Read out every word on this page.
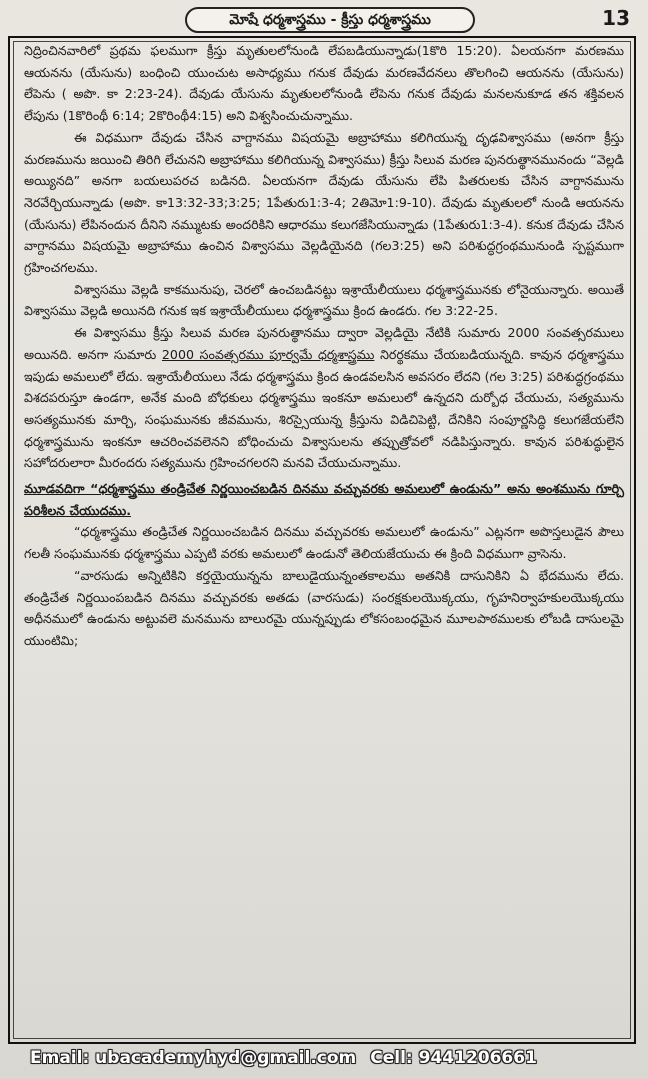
మోషే ధర్మశాస్త్రము - క్రీస్తు ధర్మశాస్త్రము	13

నిద్రించినవారిలో ప్రథమ ఫలముగా క్రీస్తు మృతులలోనుండి లేపబడియున్నాడు(1కొరి 15:20). ఏలయనగా మరణము ఆయనను (యేసును) బంధించి యుంచుట అసాధ్యము గనుక దేవుడు మరణవేదనలు తొలగించి ఆయనను (యేసును) లేపెను ( అపొ. కా 2:23-24). దేవుడు యేసును మృతులలోనుండి లేపెను గనుక దేవుడు మనలనుకూడ తన శక్తివలన లేపును (1కొరింథీ 6:14; 2కొరింథీ4:15) అని విశ్వసించుచున్నాము.

ఈ విధముగా దేవుడు చేసిన వాగ్దానము విషయమై అబ్రాహాము కలిగియున్న దృఢవిశ్వాసము (అనగా క్రీస్తు మరణమును జయించి తిరిగి లేచునని అబ్రాహాము కలిగియున్న విశ్వాసము) క్రీస్తు సిలువ మరణ పునరుత్థానమునందు “వెల్లడి అయ్యినది” అనగా బయలుపరచ బడినది. ఏలయనగా దేవుడు యేసును లేపి పితరులకు చేసిన వాగ్దానమును నెరవేర్చియున్నాడు (అపొ. కా13:32-33;3:25; 1పేతురు1:3-4; 2తిమో1:9-10). దేవుడు మృతులలో నుండి ఆయనను (యేసును) లేపినందున దీనిని నమ్ముటకు అందరికిని ఆధారము కలుగజేసియున్నాడు (1పేతురు1:3-4). కనుక దేవుడు చేసిన వాగ్దానము విషయమై అబ్రాహాము ఉంచిన విశ్వాసము వెల్లడియైనది (గల3:25) అని పరిశుద్ధగ్రంథమునుండి స్పష్టముగా గ్రహించగలము.

విశ్వాసము వెల్లడి కాకమునుపు, చెరలో ఉంచబడినట్టు ఇశ్రాయేలీయులు ధర్మశాస్త్రమునకు లోనైయున్నారు. అయితే విశ్వాసము వెల్లడి అయినది గనుక ఇక ఇశ్రాయేలీయులు ధర్మశాస్త్రము క్రింద ఉండరు. గల 3:22-25.

ఈ విశ్వాసము క్రీస్తు సిలువ మరణ పునరుత్థానము ద్వారా వెల్లడియై నేటికి సుమారు 2000 సంవత్సరములు అయినది. అనగా సుమారు 2000 సంవత్సరము పూర్వమే ధర్మశాస్త్రము నిరర్థకము చేయబడియున్నది. కావున ధర్మశాస్త్రము ఇపుడు అమలులో లేదు. ఇశ్రాయేలీయులు నేడు ధర్మశాస్త్రము క్రింద ఉండవలసిన అవసరం లేదని (గల 3:25) పరిశుద్ధగ్రంథము విశదపరుస్తూ ఉండగా, అనేక మంది బోధకులు ధర్మశాస్త్రము ఇంకనూ అమలులో ఉన్నదని దుర్బోధ చేయుచు, సత్యమును అసత్యమునకు మార్చి, సంఘమునకు జీవమును, శిరస్సైయున్న క్రీస్తును విడిచిపెట్టి, దేనికిని సంపూర్ణసిద్ధి కలుగజేయలేని ధర్మశాస్త్రమును ఇంకనూ ఆచరించవలెనని బోధించుచు విశ్వాసులను తప్పుత్రోవలో నడిపిస్తున్నారు. కావున పరిశుద్ధులైన సహోదరులారా మీరందరు సత్యమును గ్రహించగలరని మనవి చేయుచున్నాము.

మూడవదిగా “ధర్మశాస్త్రము తండ్రిచేత నిర్ణయించబడిన దినము వచ్చువరకు అమలులో ఉండును” అను అంశమును గూర్చి పరిశీలన చేయుదము.

“ధర్మశాస్త్రము తండ్రిచేత నిర్ణయించబడిన దినము వచ్చువరకు అమలులో ఉండును” ఎట్లనగా అపొస్తలుడైన పౌలు గలతీ సంఘమునకు ధర్మశాస్త్రము ఎప్పటి వరకు అమలులో ఉండునో తెలియజేయుచు ఈ క్రింది విధముగా వ్రాసెను.

“వారసుడు అన్నిటికిని కర్తయైయున్నను బాలుడైయున్నంతకాలము అతనికి దాసునికిని ఏ భేదమును లేదు. తండ్రిచేత నిర్ణయింపబడిన దినము వచ్చువరకు అతడు (వారసుడు) సంరక్షకులయొక్కయు, గృహనిర్వాహకులయొక్కయు అధీనములో ఉండును అట్టువలె మనమును బాలురమై యున్నప్పుడు లోకసంబంధమైన మూలపాఠములకు లోబడి దాసులమై యుంటిమి;

Email: ubacademyhyd@gmail.com Cell: 9441206661
